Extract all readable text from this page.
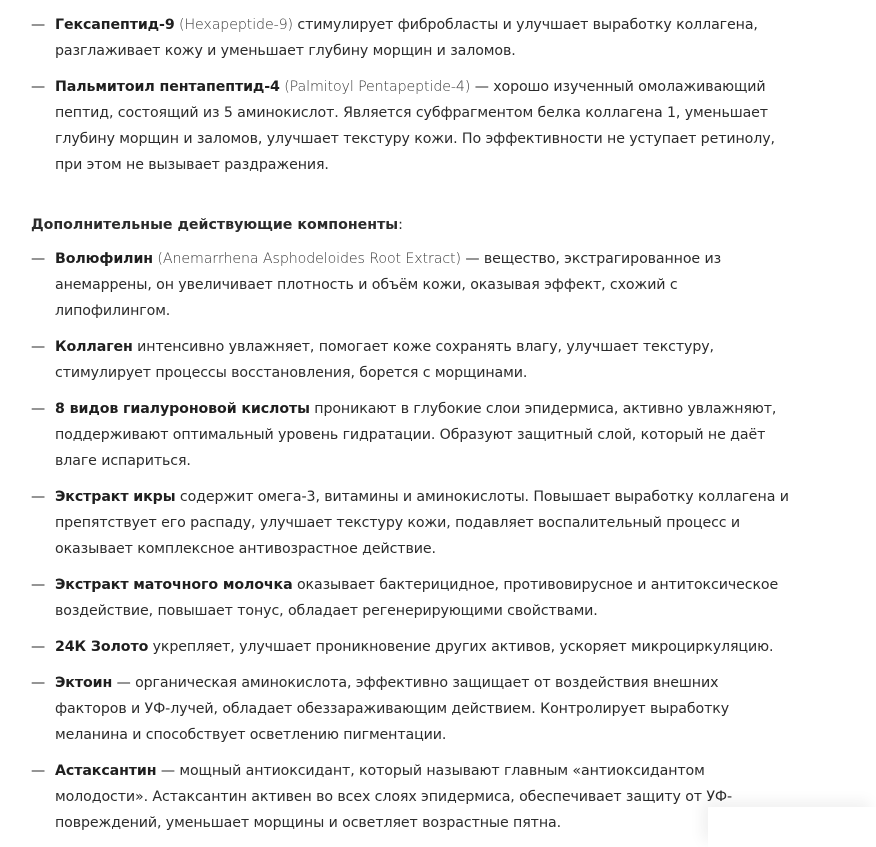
— Гексапептид-9 (Hexapeptide-9) стимулирует фибробласты и улучшает выработку коллагена, разглаживает кожу и уменьшает глубину морщин и заломов.
— Пальмитоил пентапептид-4 (Palmitoyl Pentapeptide-4) — хорошо изученный омолаживающий пептид, состоящий из 5 аминокислот. Является субфрагментом белка коллагена 1, уменьшает глубину морщин и заломов, улучшает текстуру кожи. По эффективности не уступает ретинолу, при этом не вызывает раздражения.
Дополнительные действующие компоненты:
— Волюфилин (Anemarrhena Asphodeloides Root Extract) — вещество, экстрагированное из анемаррены, он увеличивает плотность и объём кожи, оказывая эффект, схожий с липофилингом.
— Коллаген интенсивно увлажняет, помогает коже сохранять влагу, улучшает текстуру, стимулирует процессы восстановления, борется с морщинами.
— 8 видов гиалуроновой кислоты проникают в глубокие слои эпидермиса, активно увлажняют, поддерживают оптимальный уровень гидратации. Образуют защитный слой, который не даёт влаге испариться.
— Экстракт икры содержит омега-3, витамины и аминокислоты. Повышает выработку коллагена и препятствует его распаду, улучшает текстуру кожи, подавляет воспалительный процесс и оказывает комплексное антивозрастное действие.
— Экстракт маточного молочка оказывает бактерицидное, противовирусное и антитоксическое воздействие, повышает тонус, обладает регенерирующими свойствами.
— 24К Золото укрепляет, улучшает проникновение других активов, ускоряет микроциркуляцию.
— Эктоин — органическая аминокислота, эффективно защищает от воздействия внешних факторов и УФ-лучей, обладает обеззараживающим действием. Контролирует выработку меланина и способствует осветлению пигментации.
— Астаксантин — мощный антиоксидант, который называют главным «антиоксидантом молодости». Астаксантин активен во всех слоях эпидермиса, обеспечивает защиту от УФ-повреждений, уменьшает морщины и осветляет возрастные пятна.
